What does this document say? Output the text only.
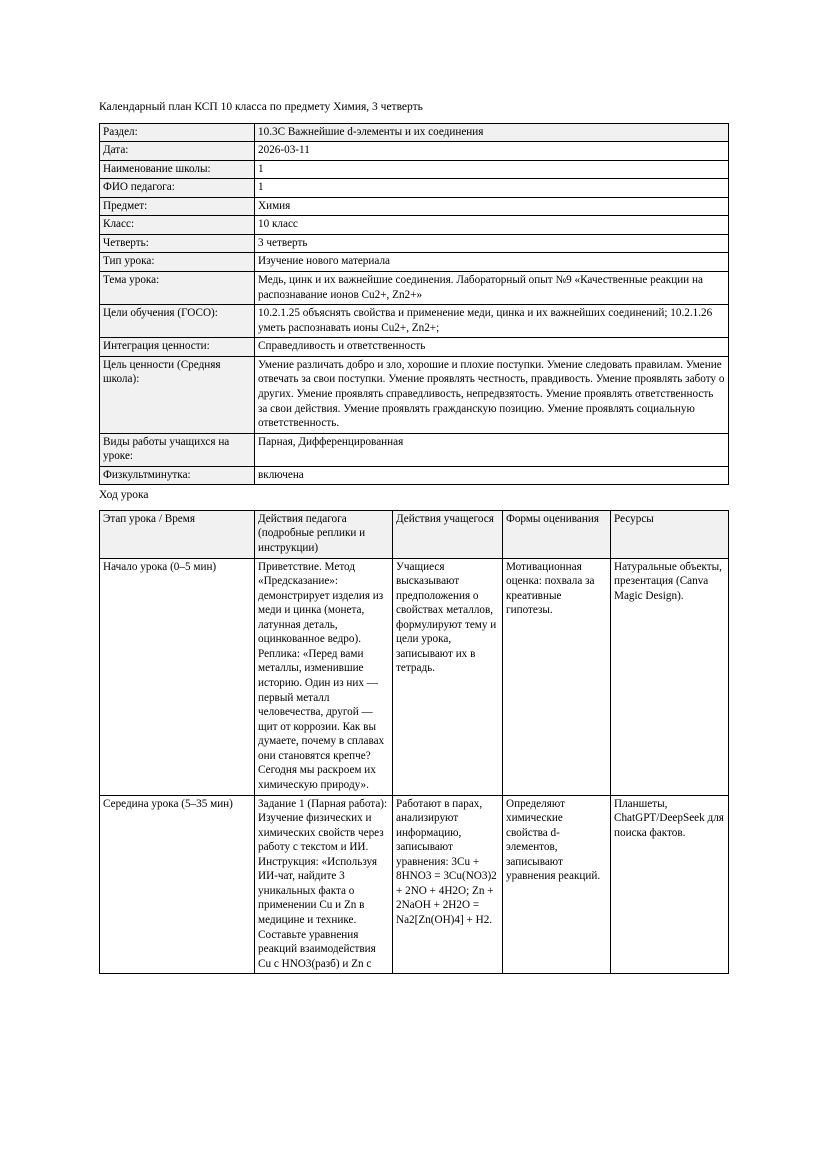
Календарный план КСП 10 класса по предмету Химия, 3 четверть
Раздел:	10.3C Важнейшие d-элементы и их соединения
Дата:	2026-03-11
Наименование школы:	1
ФИО педагога:	1
Предмет:	Химия
Класс:	10 класс
Четверть:	3 четверть
Тип урока:	Изучение нового материала
Тема урока:	Медь, цинк и их важнейшие соединения. Лабораторный опыт №9 «Качественные реакции на распознавание ионов Cu2+, Zn2+»
Цели обучения (ГОСО):	10.2.1.25 объяснять свойства и применение меди, цинка и их важнейших соединений; 10.2.1.26 уметь распознавать ионы Cu2+, Zn2+;
Интеграция ценности:	Справедливость и ответственность
Цель ценности (Средняя школа):	Умение различать добро и зло, хорошие и плохие поступки. Умение следовать правилам. Умение отвечать за свои поступки. Умение проявлять честность, правдивость. Умение проявлять заботу о других. Умение проявлять справедливость, непредвзятость. Умение проявлять ответственность за свои действия. Умение проявлять гражданскую позицию. Умение проявлять социальную ответственность.
Виды работы учащихся на уроке:	Парная, Дифференцированная
Физкультминутка:	включена
Ход урока
Этап урока / Время	Действия педагога (подробные реплики и инструкции)	Действия учащегося	Формы оценивания	Ресурсы
Начало урока (0–5 мин)	Приветствие. Метод «Предсказание»: демонстрирует изделия из меди и цинка (монета, латунная деталь, оцинкованное ведро). Реплика: «Перед вами металлы, изменившие историю. Один из них — первый металл человечества, другой — щит от коррозии. Как вы думаете, почему в сплавах они становятся крепче? Сегодня мы раскроем их химическую природу».	Учащиеся высказывают предположения о свойствах металлов, формулируют тему и цели урока, записывают их в тетрадь.	Мотивационная оценка: похвала за креативные гипотезы.	Натуральные объекты, презентация (Canva Magic Design).
Середина урока (5–35 мин)	Задание 1 (Парная работа): Изучение физических и химических свойств через работу с текстом и ИИ. Инструкция: «Используя ИИ-чат, найдите 3 уникальных факта о применении Cu и Zn в медицине и технике. Составьте уравнения реакций взаимодействия Cu с HNO3(разб) и Zn с	Работают в парах, анализируют информацию, записывают уравнения: 3Cu + 8HNO3 = 3Cu(NO3)2 + 2NO + 4H2O; Zn + 2NaOH + 2H2O = Na2[Zn(OH)4] + H2.	Определяют химические свойства d-элементов, записывают уравнения реакций.	Планшеты, ChatGPT/DeepSeek для поиска фактов.
